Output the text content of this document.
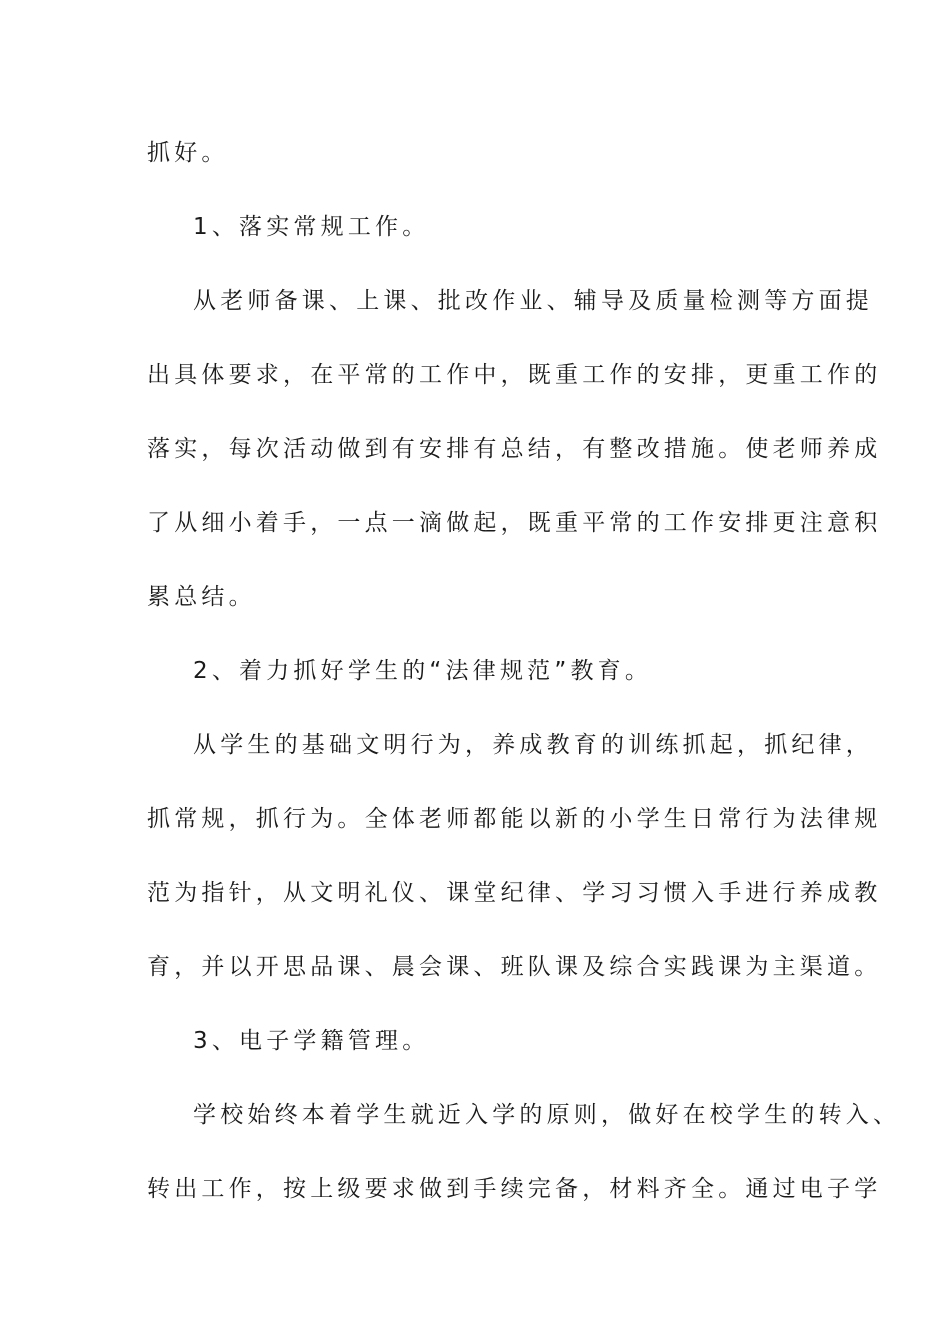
抓好。
1、落实常规工作。
从老师备课、上课、批改作业、辅导及质量检测等方面提
出具体要求，在平常的工作中，既重工作的安排，更重工作的
落实，每次活动做到有安排有总结，有整改措施。使老师养成
了从细小着手，一点一滴做起，既重平常的工作安排更注意积
累总结。
2、着力抓好学生的“法律规范”教育。
从学生的基础文明行为，养成教育的训练抓起，抓纪律，
抓常规，抓行为。全体老师都能以新的小学生日常行为法律规
范为指针，从文明礼仪、课堂纪律、学习习惯入手进行养成教
育，并以开思品课、晨会课、班队课及综合实践课为主渠道。
3、电子学籍管理。
学校始终本着学生就近入学的原则，做好在校学生的转入、
转出工作，按上级要求做到手续完备，材料齐全。通过电子学
